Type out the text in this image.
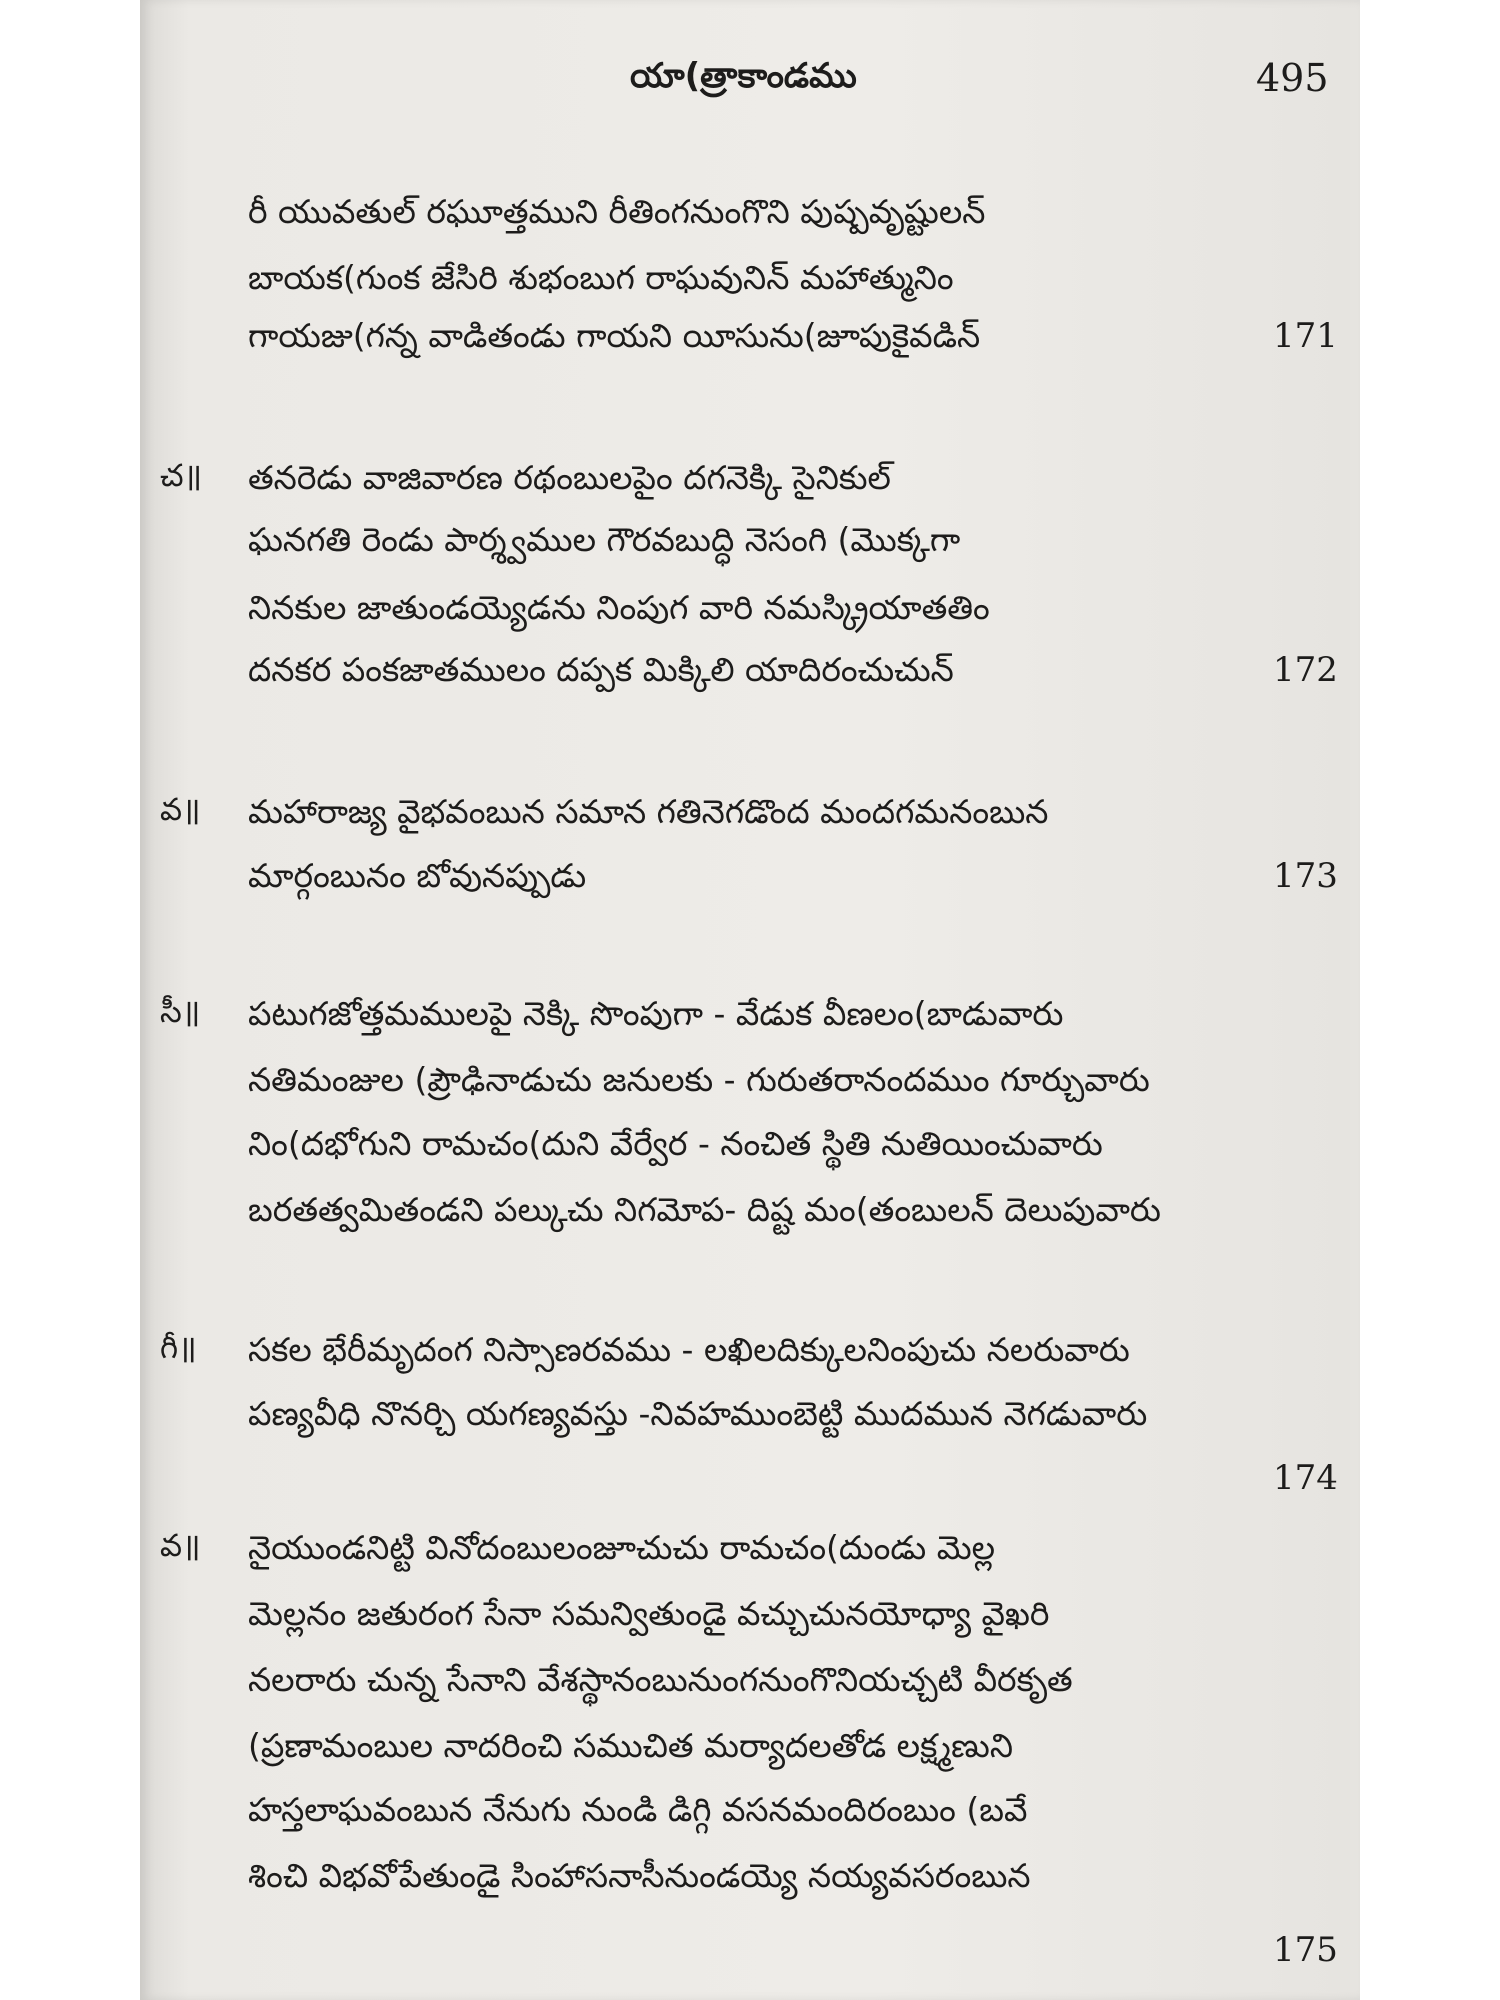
యా(త్రాకాండము	495
రీ యువతుల్ రఘూత్తముని రీతింగనుంగొని పుష్పవృష్టులన్
బాయక(గుంక జేసిరి శుభంబుగ రాఘవునిన్ మహాత్మునిం
గాయజు(గన్న వాడితండు గాయని యీసును(జూపుకైవడిన్	171
చ॥ తనరెడు వాజివారణ రథంబులపైం దగనెక్కి సైనికుల్
ఘనగతి రెండు పార్శ్వముల గౌరవబుద్ధి నెసంగి (మొక్కగా
నినకుల జాతుండయ్యెడను నింపుగ వారి నమస్క్రియాతతిం
దనకర పంకజాతములం దప్పక మిక్కిలి యాదిరంచుచున్	172
వ॥ మహారాజ్య వైభవంబున సమాన గతినెగడొంద మందగమనంబున
మార్గంబునం బోవునప్పుడు	173
సీ॥ పటుగజోత్తమములపై నెక్కి సొంపుగా - వేడుక వీణలం(బాడువారు
నతిమంజుల (ప్రౌఢినాడుచు జనులకు - గురుతరానందముం గూర్చువారు
నిం(దభోగుని రామచం(దుని వేర్వేర - నంచిత స్థితి నుతియించువారు
బరతత్వమితండని పల్కుచు నిగమోప- దిష్ట మం(తంబులన్ దెలుపువారు
గీ॥ సకల భేరీమృదంగ నిస్సాణరవము - లఖిలదిక్కులనింపుచు నలరువారు
పణ్యవీధి నొనర్చి యగణ్యవస్తు -నివహముంబెట్టి ముదమున నెగడువారు
174
వ॥ నైయుండనిట్టి వినోదంబులంజూచుచు రామచం(దుండు మెల్ల
మెల్లనం జతురంగ సేనా సమన్వితుండై వచ్చుచునయోధ్యా వైఖరి
నలరారు చున్న సేనాని వేశస్థానంబునుంగనుంగొనియచ్చటి వీరకృత
(ప్రణామంబుల నాదరించి సముచిత మర్యాదలతోడ లక్ష్మణుని
హస్తలాఘవంబున నేనుగు నుండి డిగ్గి వసనమందిరంబుం (బవే
శించి విభవోపేతుండై సింహాసనాసీనుండయ్యె నయ్యవసరంబున
175
